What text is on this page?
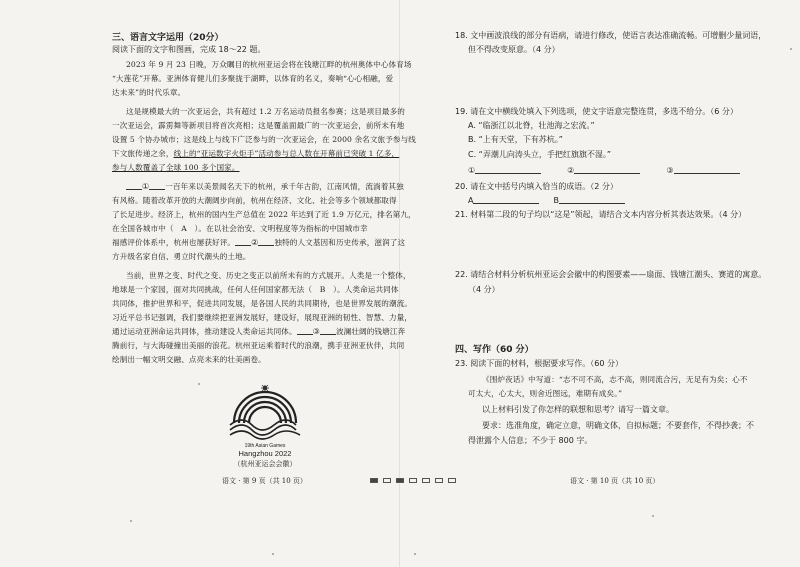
三、语言文字运用（20分）
阅读下面的文字和图画，完成 18～22 题。
2023 年 9 月 23 日晚，万众瞩目的杭州亚运会将在钱塘江畔的杭州奥体中心体育场
“大莲花”开幕。亚洲体育健儿们多聚拢于湖畔，以体育的名义，奏响“心心相融，爱
达未来”的时代乐章。
这是规模最大的一次亚运会，共有超过 1.2 万名运动员报名参赛；这是项目最多的
一次亚运会，霹雳舞等新项目将首次亮相；这是覆盖面最广的一次亚运会，前所未有地
设置 5 个协办城市；这是线上与线下广泛参与的一次亚运会，在 2000 余名文旅予参与线
下文旅传递之余，线上的“亚运数字火炬手”活动参与总人数在开幕前已突破 1 亿多，
参与人数覆盖了全球 100 多个国家。
① 一百年来以美景闻名天下的杭州，承千年古韵，江南风情，流淌着其独
有风格。随着改革开放的大潮阔步向前，杭州在经济、文化、社会等多个领域都取得
了长足进步。经济上，杭州的国内生产总值在 2022 年达到了近 1.9 万亿元，排名第九，
在全国各城市中（　A　）。在以社会治安、文明程度等为指标的中国城市幸
福感评价体系中，杭州也屡获好评。 ② 独特的人文基因和历史传承，滋润了这
方升级名家自信、勇立时代潮头的土地。
当前，世界之变、时代之变、历史之变正以前所未有的方式展开。人类是一个整体，
地球是一个家园，面对共同挑战，任何人任何国家都无法（　B　）。人类命运共同体
共同体，推护世界和平，促进共同发展，是各国人民的共同期待，也是世界发展的潮流。
习近平总书记强调，我们要继续把亚洲发展好，建设好，展现亚洲的韧性、智慧、力量，
通过运动亚洲命运共同体，推动建设人类命运共同体。 ③ 波澜壮阔的钱塘江奔
腾前行，与大海碰撞出美丽的浪花。杭州亚运乘着时代的浪潮，携手亚洲亚伙伴，共同
绘制出一幅文明交融、点亮未来的壮美画卷。
19th Asian Games
Hangzhou 2022
（杭州亚运会会徽）
语文 · 第 9 页（共 10 页）
18. 文中画波浪线的部分有语病，请进行修改，使语言表达准确流畅。可增删少量词语，
但不得改变原意。（4 分）
19. 请在文中横线处填入下列选项，使文字语意完整连贯，多选不给分。（6 分）
A. “临浙江以北脊，壮池海之宏流。”
B. “上有天堂，下有苏杭。”
C. “弄潮儿向涛头立，手把红旗旗不湿。”
①	②	③
20. 请在文中括号内填入恰当的成语。（2 分）
A	B
21. 材料第二段的句子均以“这是”领起，请结合文本内容分析其表达效果。（4 分）
22. 请结合材料分析杭州亚运会会徽中的构图要素——扇面、钱塘江潮头、赛道的寓意。
（4 分）
四、写作（60 分）
23. 阅读下面的材料，根据要求写作。（60 分）
《围炉夜话》中写道：“志不可不高，志不高，则同流合污，无足有为矣；心不
可太大，心太大，则舍近图远，难期有成矣。”
以上材料引发了你怎样的联想和思考？请写一篇文章。
要求：选准角度，确定立意，明确文体，自拟标题；不要套作，不得抄袭；不
得泄露个人信息；不少于 800 字。
语文 · 第 10 页（共 10 页）
